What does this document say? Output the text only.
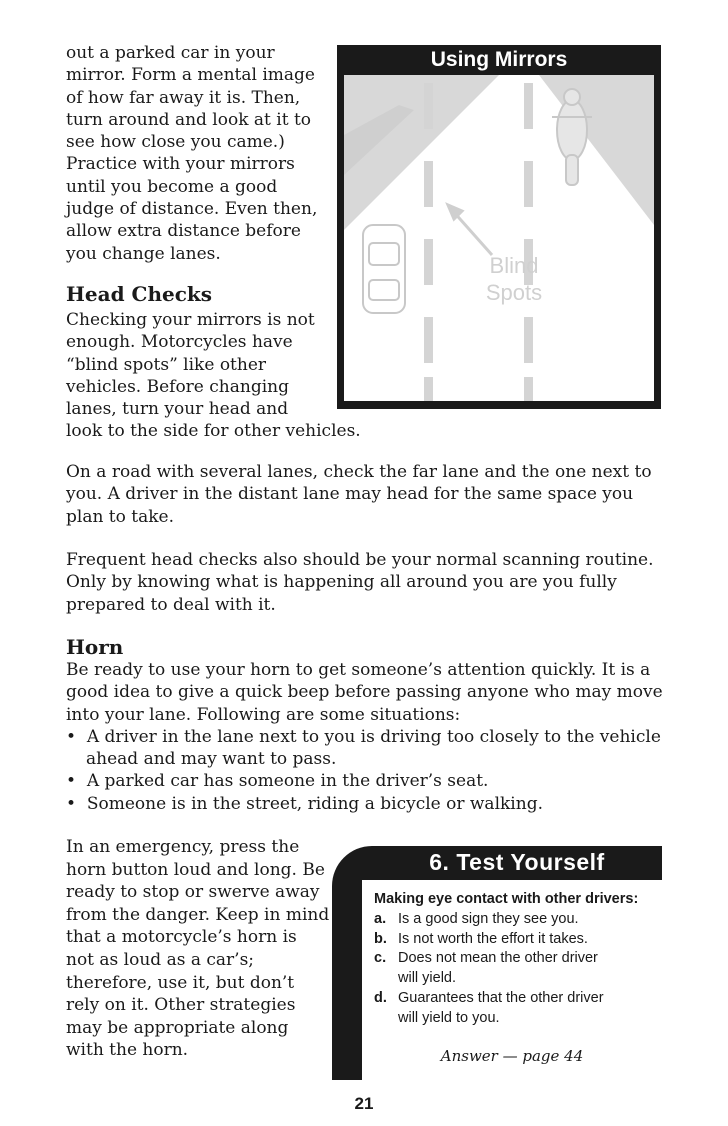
out a parked car in your
mirror. Form a mental image
of how far away it is. Then,
turn around and look at it to
see how close you came.)
Practice with your mirrors
until you become a good
judge of distance. Even then,
allow extra distance before
you change lanes.
Head Checks
Checking your mirrors is not
enough. Motorcycles have
“blind spots” like other
vehicles. Before changing
lanes, turn your head and
look to the side for other vehicles.
On a road with several lanes, check the far lane and the one next to
you. A driver in the distant lane may head for the same space you
plan to take.
Frequent head checks also should be your normal scanning routine.
Only by knowing what is happening all around you are you fully
prepared to deal with it.
Horn
Be ready to use your horn to get someone’s attention quickly. It is a
good idea to give a quick beep before passing anyone who may move
into your lane. Following are some situations:
• A driver in the lane next to you is driving too closely to the vehicle
ahead and may want to pass.
• A parked car has someone in the driver’s seat.
• Someone is in the street, riding a bicycle or walking.
In an emergency, press the
horn button loud and long. Be
ready to stop or swerve away
from the danger. Keep in mind
that a motorcycle’s horn is
not as loud as a car’s;
therefore, use it, but don’t
rely on it. Other strategies
may be appropriate along
with the horn.
Using Mirrors
Blind
Spots
6. Test Yourself
Making eye contact with other drivers:
a. Is a good sign they see you.
b. Is not worth the effort it takes.
c. Does not mean the other driver
will yield.
d. Guarantees that the other driver
will yield to you.
Answer — page 44
21
